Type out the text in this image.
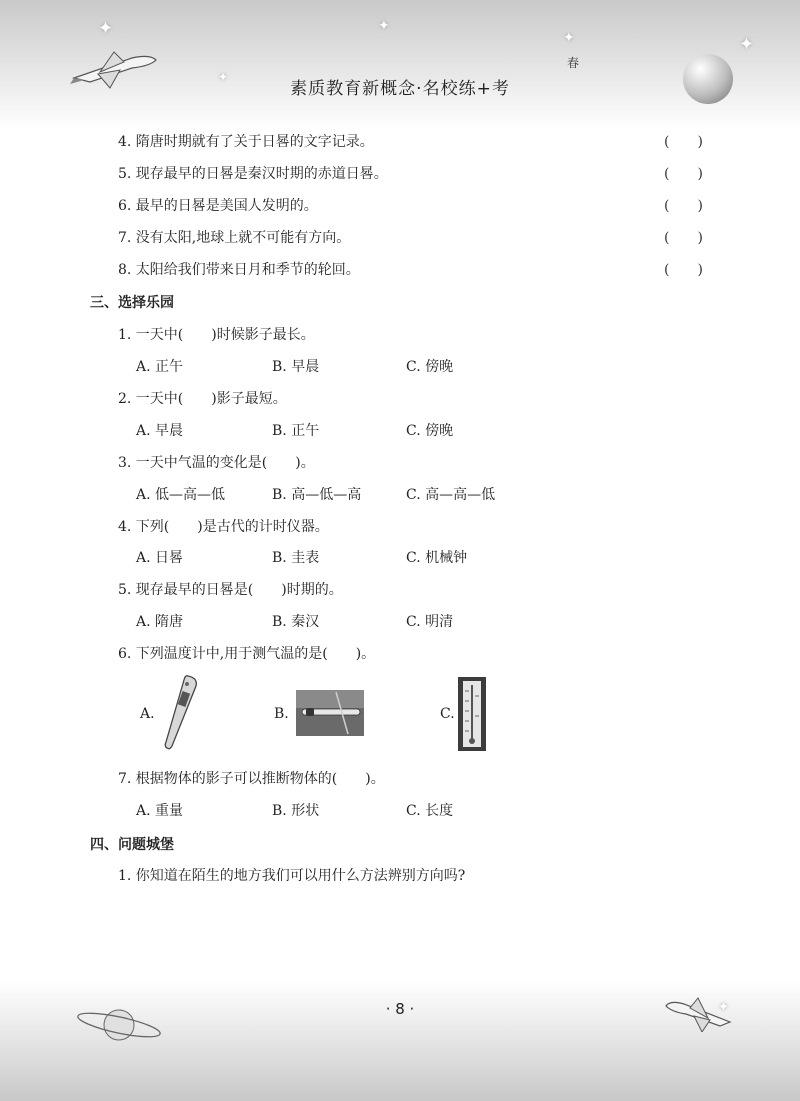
✦	✦
✦	✦
✦
春
素质教育新概念·名校练+考
4. 隋唐时期就有了关于日晷的文字记录。	(　　)
5. 现存最早的日晷是秦汉时期的赤道日晷。	(　　)
6. 最早的日晷是美国人发明的。	(　　)
7. 没有太阳,地球上就不可能有方向。	(　　)
8. 太阳给我们带来日月和季节的轮回。	(　　)
三、选择乐园
1. 一天中(　　)时候影子最长。
A. 正午	B. 早晨	C. 傍晚
2. 一天中(　　)影子最短。
A. 早晨	B. 正午	C. 傍晚
3. 一天中气温的变化是(　　)。
A. 低—高—低	B. 高—低—高	C. 高—高—低
4. 下列(　　)是古代的计时仪器。
A. 日晷	B. 圭表	C. 机械钟
5. 现存最早的日晷是(　　)时期的。
A. 隋唐	B. 秦汉	C. 明清
6. 下列温度计中,用于测气温的是(　　)。
A.	B.	C.
7. 根据物体的影子可以推断物体的(　　)。
A. 重量	B. 形状	C. 长度
四、问题城堡
1. 你知道在陌生的地方我们可以用什么方法辨别方向吗?
✦
· 8 ·
